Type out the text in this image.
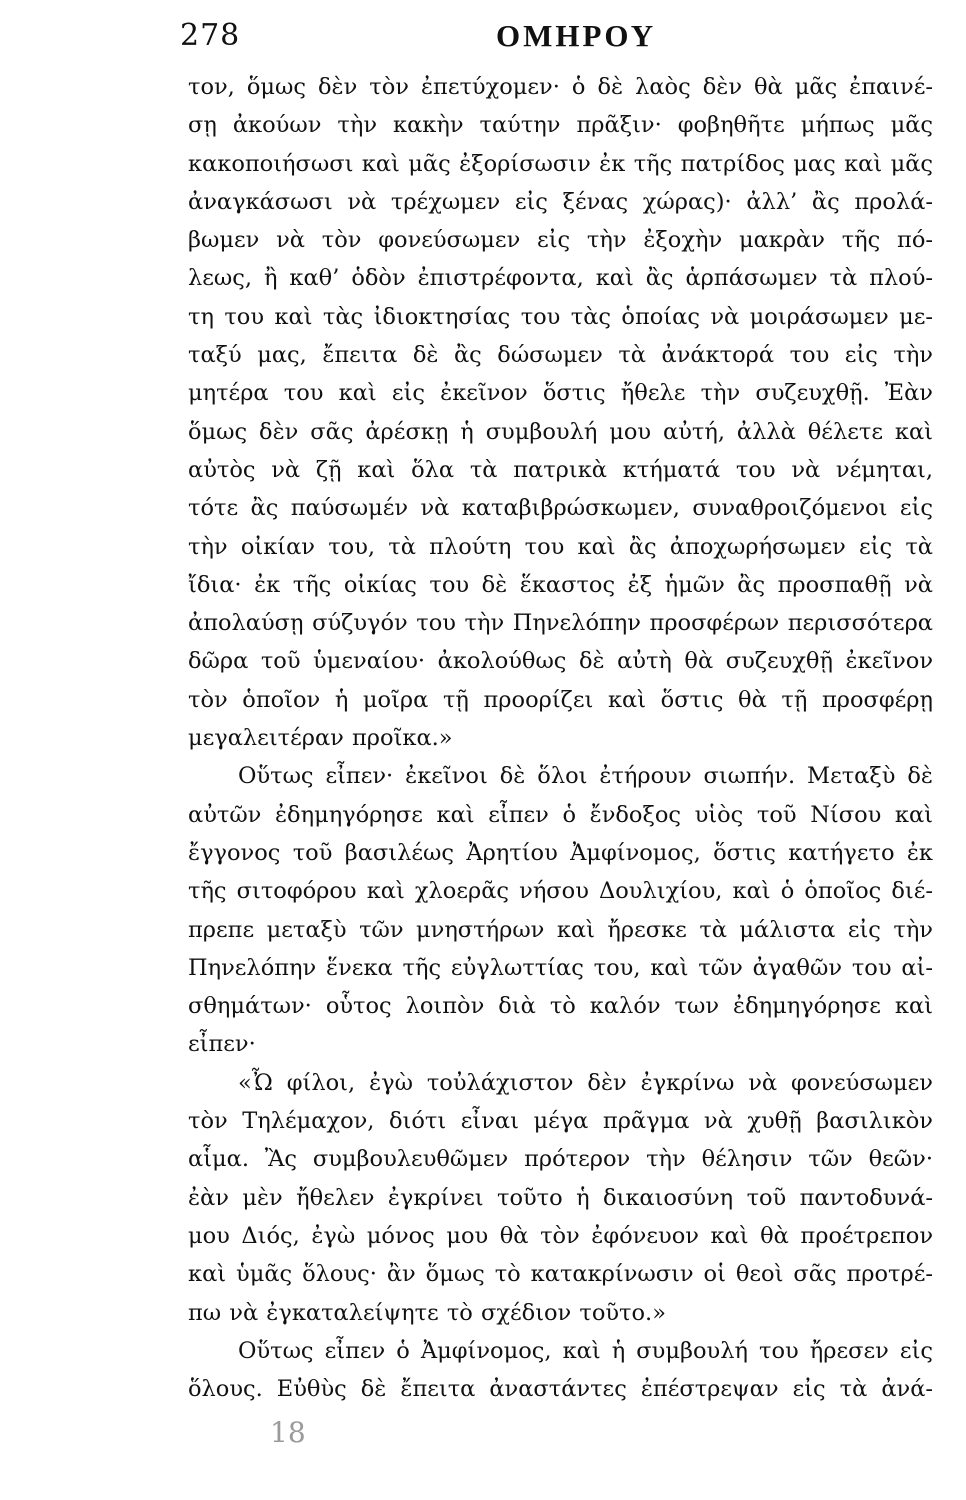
278	ΟΜΗΡΟΥ
τον, ὅμως δὲν τὸν ἐπετύχομεν· ὁ δὲ λαὸς δὲν θὰ μᾶς ἐπαινέ-
σῃ ἀκούων τὴν κακὴν ταύτην πρᾶξιν· φοβηθῆτε μήπως μᾶς
κακοποιήσωσι καὶ μᾶς ἐξορίσωσιν ἐκ τῆς πατρίδος μας καὶ μᾶς
ἀναγκάσωσι νὰ τρέχωμεν εἰς ξένας χώρας)· ἀλλ’ ἂς προλά-
βωμεν νὰ τὸν φονεύσωμεν εἰς τὴν ἐξοχὴν μακρὰν τῆς πό-
λεως, ἢ καθ’ ὁδὸν ἐπιστρέφοντα, καὶ ἂς ἁρπάσωμεν τὰ πλού-
τη του καὶ τὰς ἰδιοκτησίας του τὰς ὁποίας νὰ μοιράσωμεν με-
ταξύ μας, ἔπειτα δὲ ἂς δώσωμεν τὰ ἀνάκτορά του εἰς τὴν
μητέρα του καὶ εἰς ἐκεῖνον ὅστις ἤθελε τὴν συζευχθῇ. Ἐὰν
ὅμως δὲν σᾶς ἀρέσκῃ ἡ συμβουλή μου αὐτή, ἀλλὰ θέλετε καὶ
αὐτὸς νὰ ζῇ καὶ ὅλα τὰ πατρικὰ κτήματά του νὰ νέμηται,
τότε ἂς παύσωμέν νὰ καταβιβρώσκωμεν, συναθροιζόμενοι εἰς
τὴν οἰκίαν του, τὰ πλούτη του καὶ ἂς ἀποχωρήσωμεν εἰς τὰ
ἴδια· ἐκ τῆς οἰκίας του δὲ ἕκαστος ἐξ ἡμῶν ἂς προσπαθῇ νὰ
ἀπολαύσῃ σύζυγόν του τὴν Πηνελόπην προσφέρων περισσότερα
δῶρα τοῦ ὑμεναίου· ἀκολούθως δὲ αὐτὴ θὰ συζευχθῇ ἐκεῖνον
τὸν ὁποῖον ἡ μοῖρα τῇ προορίζει καὶ ὅστις θὰ τῇ προσφέρῃ
μεγαλειτέραν προῖκα.»
Οὕτως εἶπεν· ἐκεῖνοι δὲ ὅλοι ἐτήρουν σιωπήν. Μεταξὺ δὲ
αὐτῶν ἐδημηγόρησε καὶ εἶπεν ὁ ἔνδοξος υἱὸς τοῦ Νίσου καὶ
ἔγγονος τοῦ βασιλέως Ἀρητίου Ἀμφίνομος, ὅστις κατήγετο ἐκ
τῆς σιτοφόρου καὶ χλοερᾶς νήσου Δουλιχίου, καὶ ὁ ὁποῖος διέ-
πρεπε μεταξὺ τῶν μνηστήρων καὶ ἤρεσκε τὰ μάλιστα εἰς τὴν
Πηνελόπην ἕνεκα τῆς εὐγλωττίας του, καὶ τῶν ἀγαθῶν του αἰ-
σθημάτων· οὗτος λοιπὸν διὰ τὸ καλόν των ἐδημηγόρησε καὶ
εἶπεν·
«Ὦ φίλοι, ἐγὼ τοὐλάχιστον δὲν ἐγκρίνω νὰ φονεύσωμεν
τὸν Τηλέμαχον, διότι εἶναι μέγα πρᾶγμα νὰ χυθῇ βασιλικὸν
αἷμα. Ἂς συμβουλευθῶμεν πρότερον τὴν θέλησιν τῶν θεῶν·
ἐὰν μὲν ἤθελεν ἐγκρίνει τοῦτο ἡ δικαιοσύνη τοῦ παντοδυνά-
μου Διός, ἐγὼ μόνος μου θὰ τὸν ἐφόνευον καὶ θὰ προέτρεπον
καὶ ὑμᾶς ὅλους· ἂν ὅμως τὸ κατακρίνωσιν οἱ θεοὶ σᾶς προτρέ-
πω νὰ ἐγκαταλείψητε τὸ σχέδιον τοῦτο.»
Οὕτως εἶπεν ὁ Ἀμφίνομος, καὶ ἡ συμβουλή του ἤρεσεν εἰς
ὅλους. Εὐθὺς δὲ ἔπειτα ἀναστάντες ἐπέστρεψαν εἰς τὰ ἀνά-
18
